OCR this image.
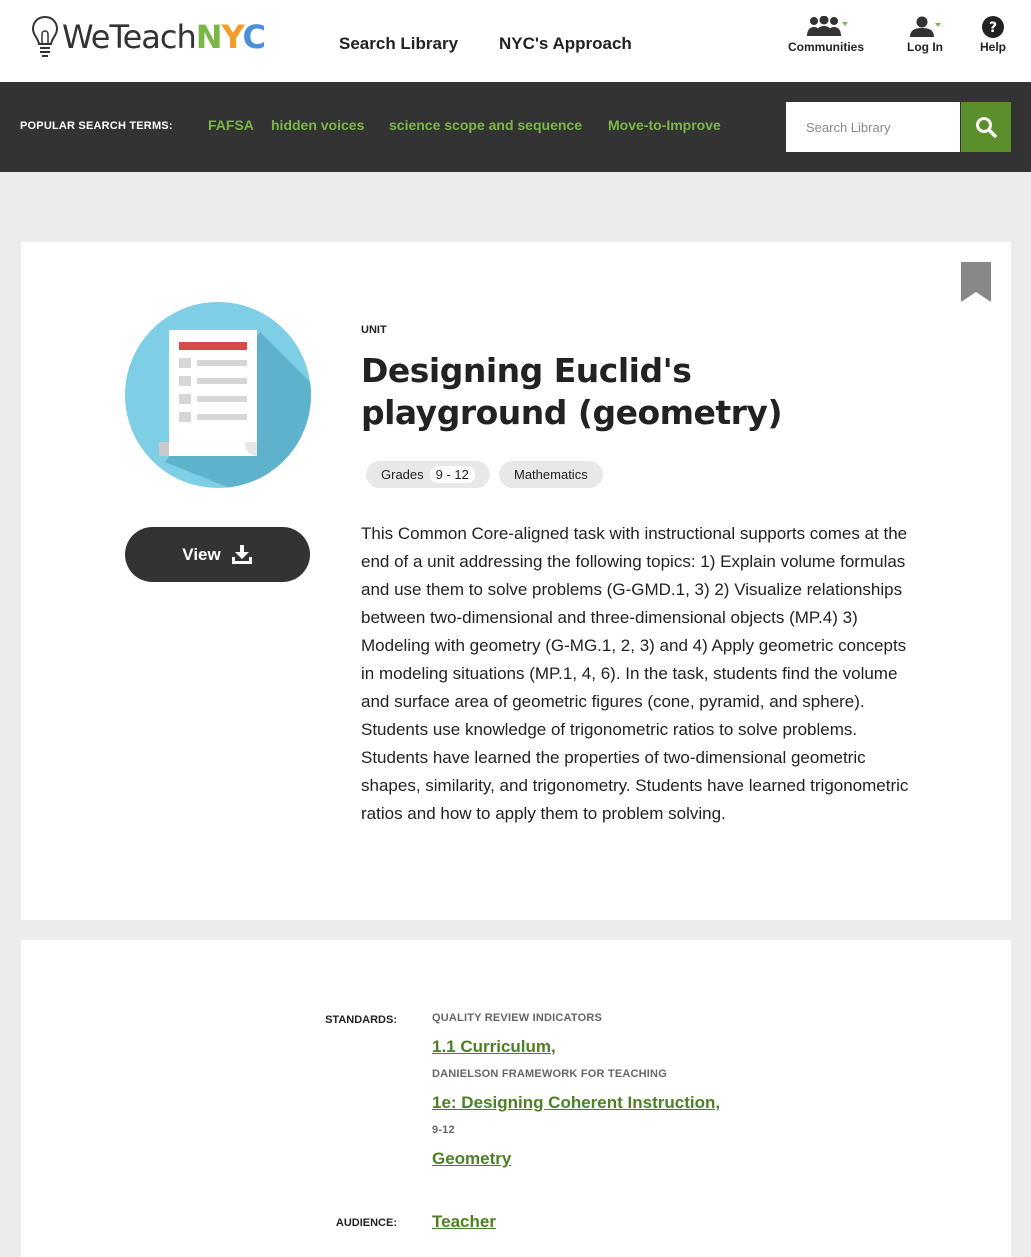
WeTeachNYC	Search Library NYC's Approach	Communities	Log In
?
Help
POPULAR SEARCH TERMS:	FAFSA hidden voices science scope and sequence Move-to-Improve
Search Library
View
UNIT
Designing Euclid's playground (geometry)
Grades 9 - 12	Mathematics

This Common Core-aligned task with instructional supports comes at the end of a unit addressing the following topics: 1) Explain volume formulas and use them to solve problems (G-GMD.1, 3) 2) Visualize relationships between two-dimensional and three-dimensional objects (MP.4) 3) Modeling with geometry (G-MG.1, 2, 3) and 4) Apply geometric concepts in modeling situations (MP.1, 4, 6). In the task, students find the volume and surface area of geometric figures (cone, pyramid, and sphere). Students use knowledge of trigonometric ratios to solve problems. Students have learned the properties of two-dimensional geometric shapes, similarity, and trigonometry. Students have learned trigonometric ratios and how to apply them to problem solving.

STANDARDS:	QUALITY REVIEW INDICATORS
1.1 Curriculum,
DANIELSON FRAMEWORK FOR TEACHING
1e: Designing Coherent Instruction,
9-12
Geometry
AUDIENCE: Teacher
